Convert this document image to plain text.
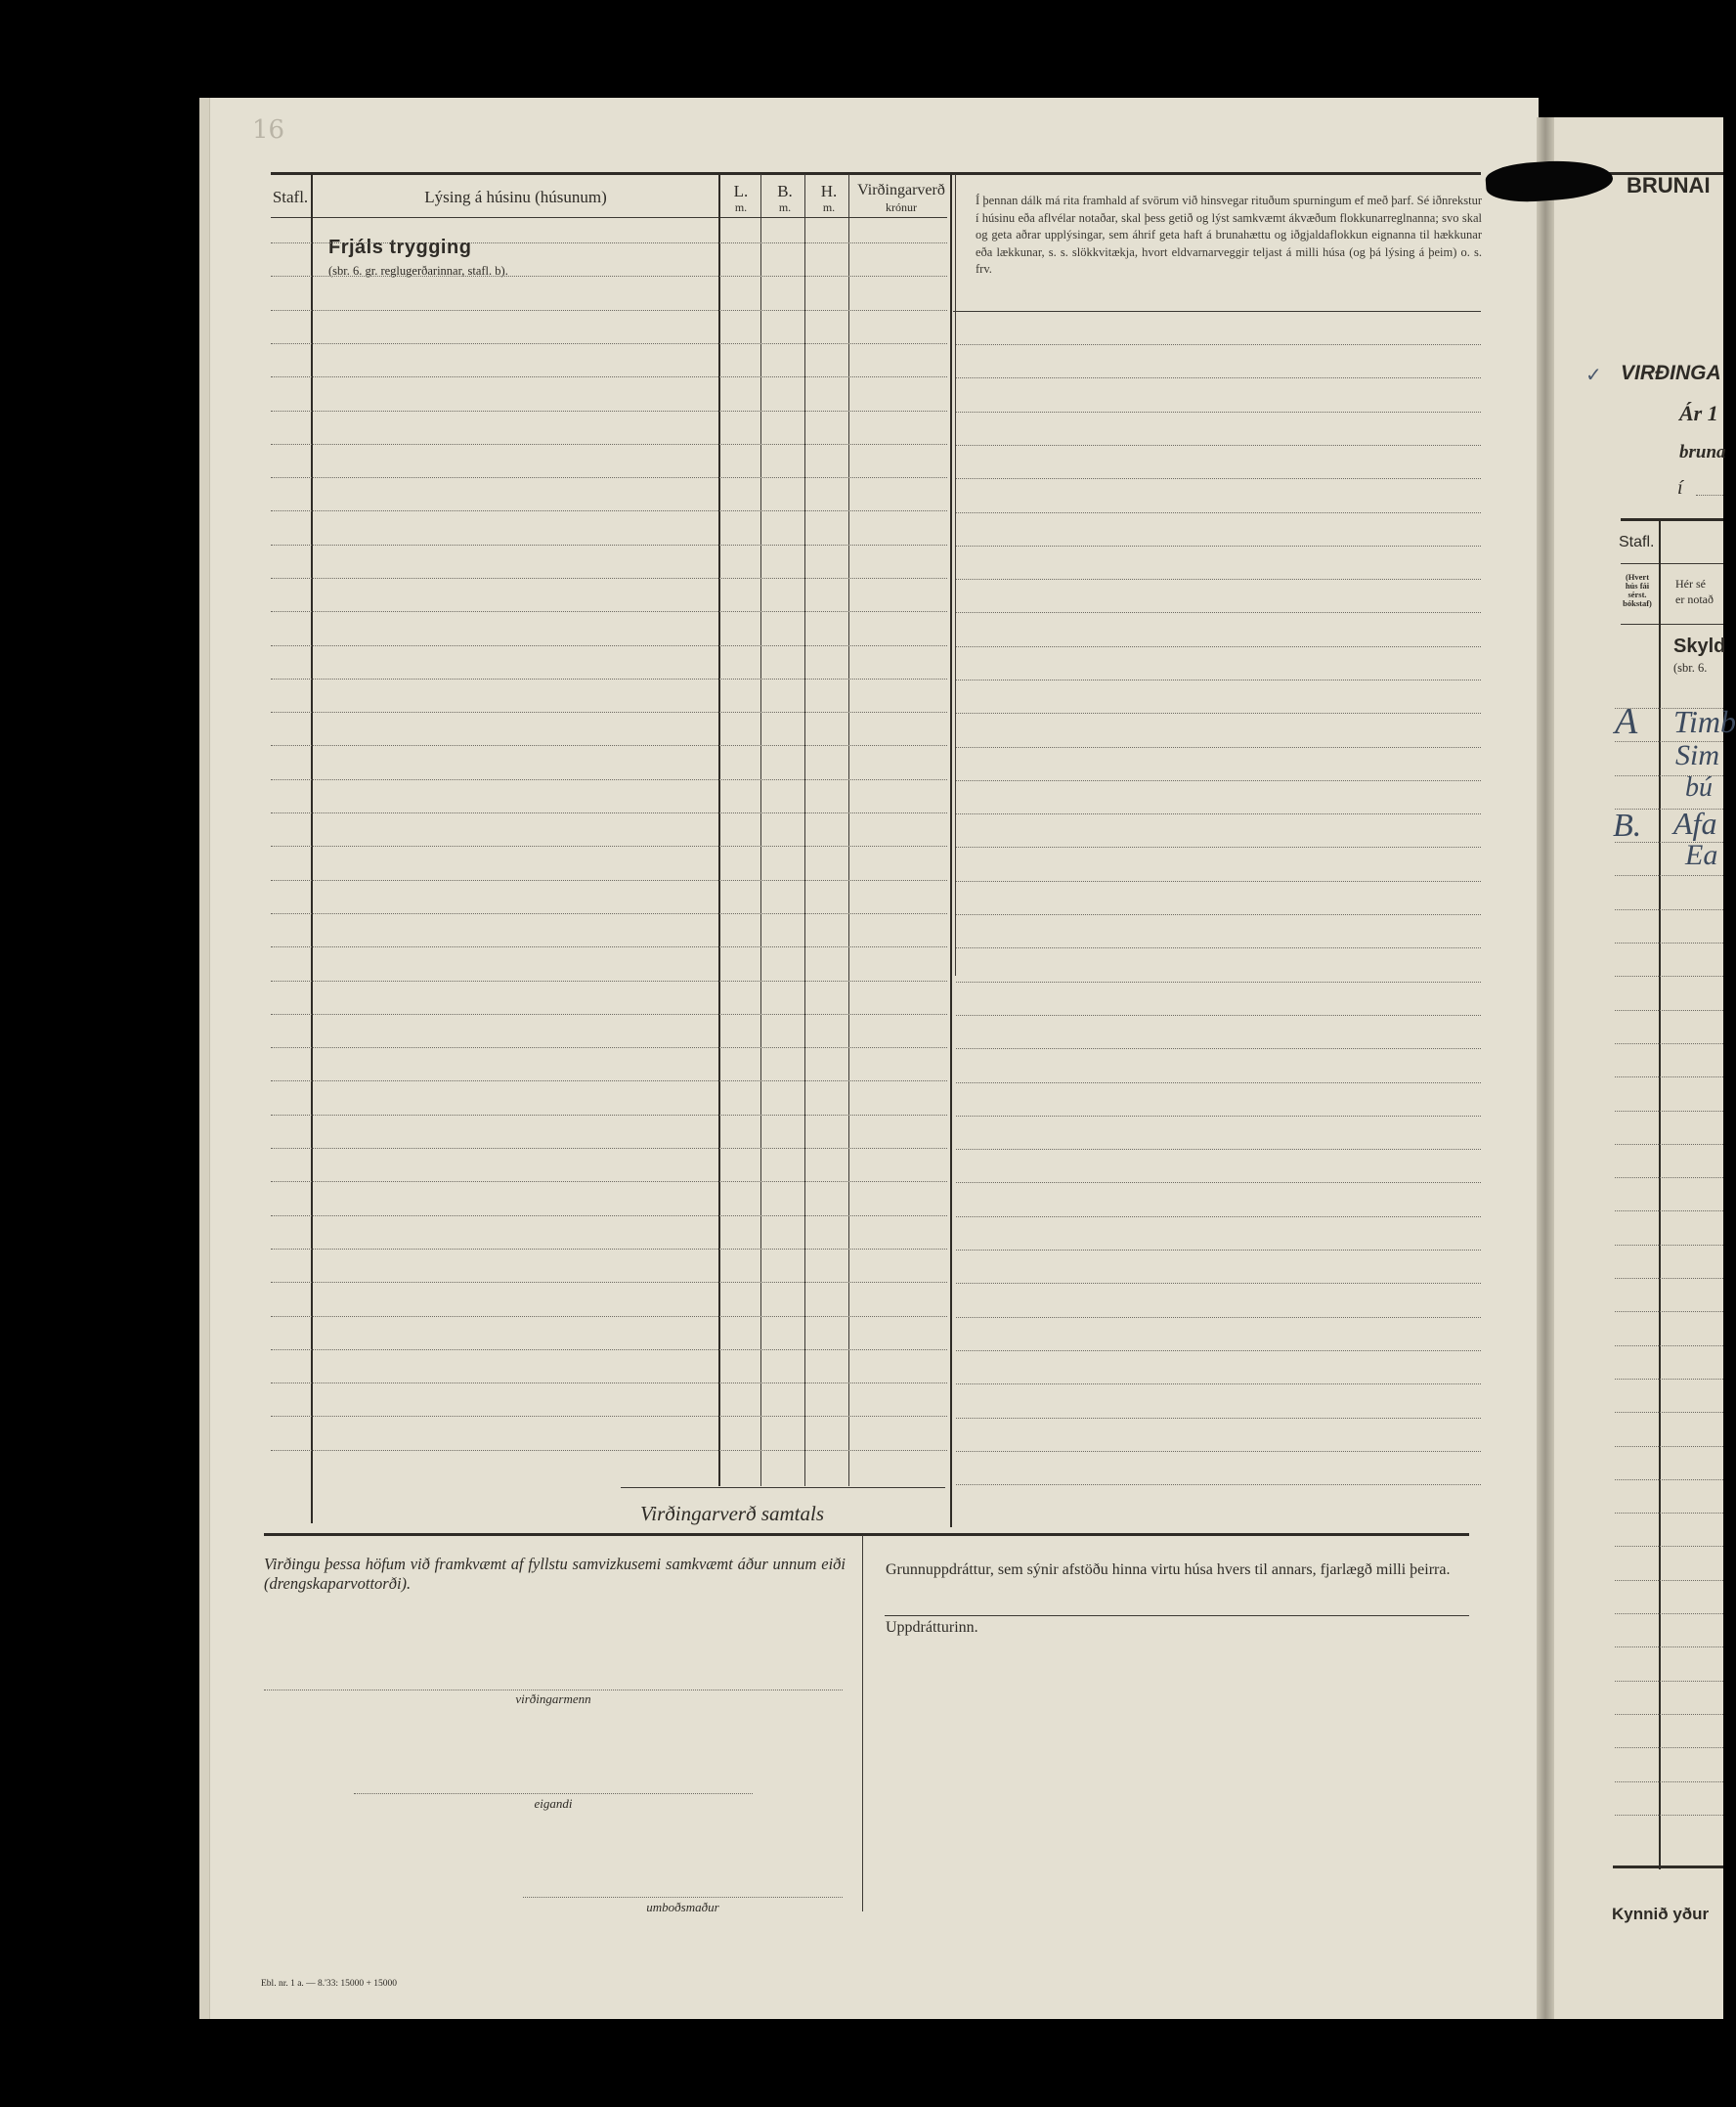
16
Stafl.	Lýsing á húsinu (húsunum)	L.
m.
B.
m.
H.
m.
Virðingarverð
krónur
Frjáls trygging
(sbr. 6. gr. reglugerðarinnar, stafl. b).
Í þennan dálk má rita framhald af svörum við hinsvegar rituðum spurningum ef með þarf. Sé iðnrekstur í húsinu eða aflvélar notaðar, skal þess getið og lýst samkvæmt ákvæðum flokkunarreglnanna; svo skal og geta aðrar upplýsingar, sem áhrif geta haft á brunahættu og iðgjaldaflokkun eignanna til hækkunar eða lækkunar, s. s. slökkvitækja, hvort eldvarnarveggir teljast á milli húsa (og þá lýsing á þeim) o. s. frv.
Virðingarverð samtals
Virðingu þessa höfum við framkvæmt af fyllstu samvizkusemi samkvæmt áður unnum eiði (drengskaparvottorði).
virðingarmenn
eigandi
umboðsmaður
Grunnuppdráttur, sem sýnir afstöðu hinna virtu húsa hvers til annars, fjarlægð milli þeirra.
Uppdrátturinn.
Ebl. nr. 1 a. — 8.'33: 15000 + 15000
BRUNAI
VIRÐINGA
✓
Ár 1
bruna
í
Stafl.
(Hvert hús fái sérst. bókstaf)
Hér sé
er notað
Skyld
(sbr. 6.
A Timb
Sim
bú
B. Afa
Ea
Kynnið yður
